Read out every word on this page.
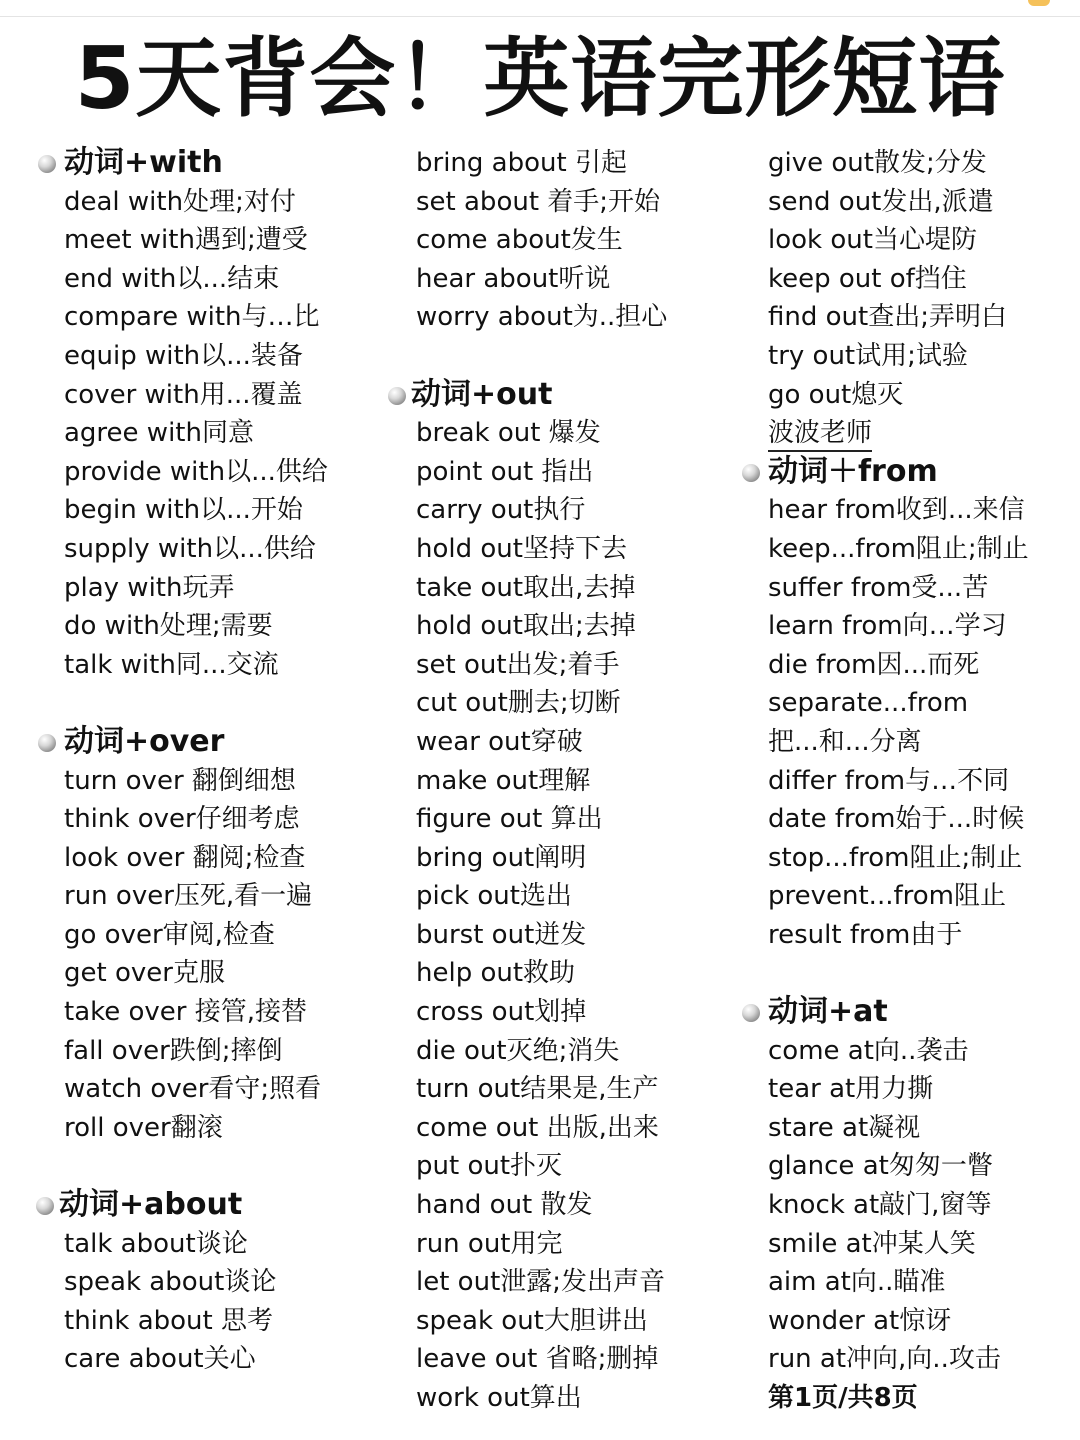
5天背会！英语完形短语
动词+with
deal with处理;对付
meet with遇到;遭受
end with以...结束
compare with与…比
equip with以...装备
cover with用...覆盖
agree with同意
provide with以...供给
begin with以...开始
supply with以...供给
play with玩弄
do with处理;需要
talk with同...交流
动词+over
turn over 翻倒细想
think over仔细考虑
look over 翻阅;检查
run over压死,看一遍
go over审阅,检查
get over克服
take over 接管,接替
fall over跌倒;摔倒
watch over看守;照看
roll over翻滚
动词+about
talk about谈论
speak about谈论
think about 思考
care about关心
bring about 引起
set about 着手;开始
come about发生
hear about听说
worry about为..担心
动词+out
break out 爆发
point out 指出
carry out执行
hold out坚持下去
take out取出,去掉
hold out取出;去掉
set out出发;着手
cut out删去;切断
wear out穿破
make out理解
figure out 算出
bring out阐明
pick out选出
burst out迸发
help out救助
cross out划掉
die out灭绝;消失
turn out结果是,生产
come out 出版,出来
put out扑灭
hand out 散发
run out用完
let out泄露;发出声音
speak out大胆讲出
leave out 省略;删掉
work out算出
give out散发;分发
send out发出,派遣
look out当心堤防
keep out of挡住
find out查出;弄明白
try out试用;试验
go out熄灭
波波老师
动词＋from
hear from收到...来信
keep...from阻止;制止
suffer from受...苦
learn from向…学习
die from因...而死
separate...from
把...和...分离
differ from与…不同
date from始于...时候
stop...from阻止;制止
prevent...from阻止
result from由于
动词+at
come at向..袭击
tear at用力撕
stare at凝视
glance at匆匆一瞥
knock at敲门,窗等
smile at冲某人笑
aim at向..瞄准
wonder at惊讶
run at冲向,向..攻击
第1页/共8页
